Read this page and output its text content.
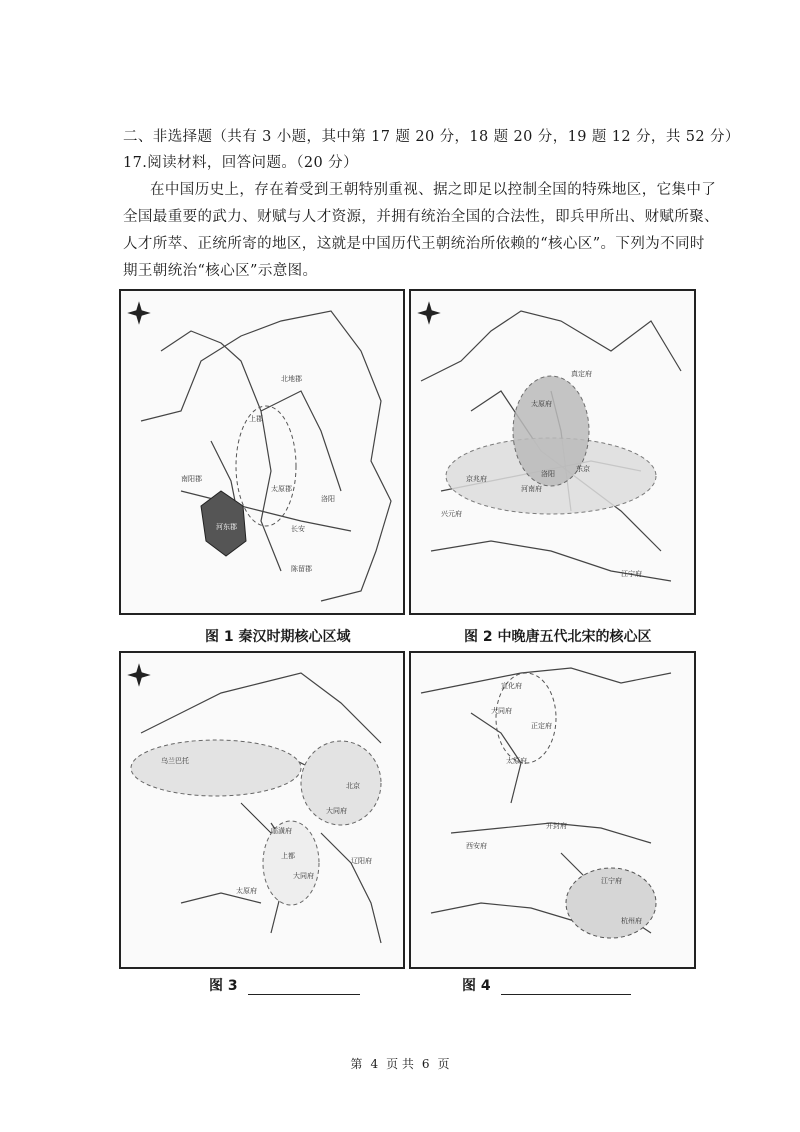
二、非选择题（共有 3 小题，其中第 17 题 20 分，18 题 20 分，19 题 12 分，共 52 分）
17.阅读材料，回答问题。（20 分）
在中国历史上，存在着受到王朝特别重视、据之即足以控制全国的特殊地区，它集中了
全国最重要的武力、财赋与人才资源，并拥有统治全国的合法性，即兵甲所出、财赋所聚、
人才所萃、正统所寄的地区，这就是中国历代王朝统治所依赖的“核心区”。下列为不同时
期王朝统治“核心区”示意图。
上郡
北地郡
太原郡
河东郡	长安
洛阳
陈留郡
南阳郡
真定府
太原府
东京
洛阳
河南府
京兆府
兴元府
江宁府
图 1 秦汉时期核心区域	图 2 中晚唐五代北宋的核心区
乌兰巴托
北京
大同府
上都
临潢府
大同府
太原府
辽阳府
宣化府
大同府
正定府
太原府
开封府
西安府
江宁府
杭州府
图 3	图 4
第 4 页 共 6 页
